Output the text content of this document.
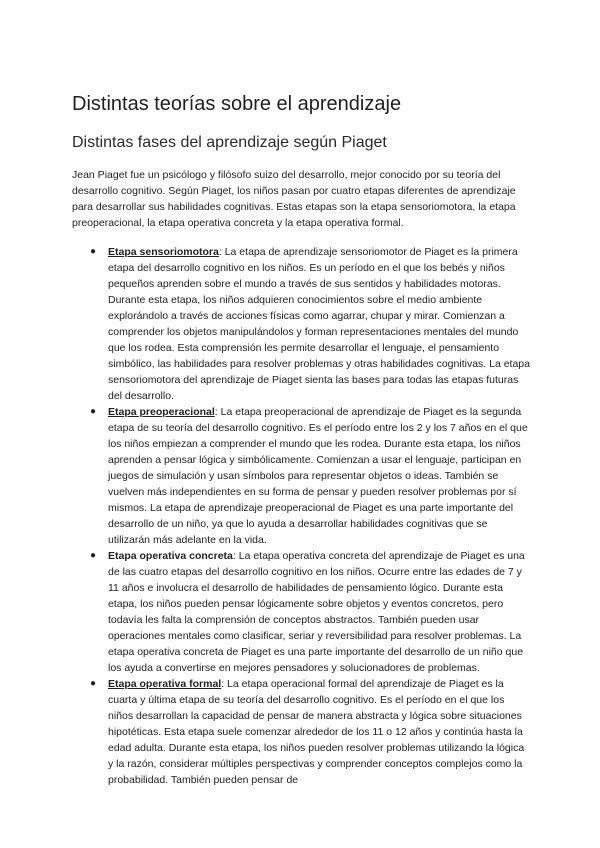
Distintas teorías sobre el aprendizaje
Distintas fases del aprendizaje según Piaget

Jean Piaget fue un psicólogo y filósofo suizo del desarrollo, mejor conocido por su teoría del desarrollo cognitivo. Según Piaget, los niños pasan por cuatro etapas diferentes de aprendizaje para desarrollar sus habilidades cognitivas. Estas etapas son la etapa sensoriomotora, la etapa preoperacional, la etapa operativa concreta y la etapa operativa formal.

● Etapa sensoriomotora: La etapa de aprendizaje sensoriomotor de Piaget es la primera etapa del desarrollo cognitivo en los niños. Es un período en el que los bebés y niños pequeños aprenden sobre el mundo a través de sus sentidos y habilidades motoras. Durante esta etapa, los niños adquieren conocimientos sobre el medio ambiente explorándolo a través de acciones físicas como agarrar, chupar y mirar. Comienzan a comprender los objetos manipulándolos y forman representaciones mentales del mundo que los rodea. Esta comprensión les permite desarrollar el lenguaje, el pensamiento simbólico, las habilidades para resolver problemas y otras habilidades cognitivas. La etapa sensoriomotora del aprendizaje de Piaget sienta las bases para todas las etapas futuras del desarrollo.
● Etapa preoperacional: La etapa preoperacional de aprendizaje de Piaget es la segunda etapa de su teoría del desarrollo cognitivo. Es el período entre los 2 y los 7 años en el que los niños empiezan a comprender el mundo que les rodea. Durante esta etapa, los niños aprenden a pensar lógica y simbólicamente. Comienzan a usar el lenguaje, participan en juegos de simulación y usan símbolos para representar objetos o ideas. También se vuelven más independientes en su forma de pensar y pueden resolver problemas por sí mismos. La etapa de aprendizaje preoperacional de Piaget es una parte importante del desarrollo de un niño, ya que lo ayuda a desarrollar habilidades cognitivas que se utilizarán más adelante en la vida.
● Etapa operativa concreta: La etapa operativa concreta del aprendizaje de Piaget es una de las cuatro etapas del desarrollo cognitivo en los niños. Ocurre entre las edades de 7 y 11 años e involucra el desarrollo de habilidades de pensamiento lógico. Durante esta etapa, los niños pueden pensar lógicamente sobre objetos y eventos concretos, pero todavía les falta la comprensión de conceptos abstractos. También pueden usar operaciones mentales como clasificar, seriar y reversibilidad para resolver problemas. La etapa operativa concreta de Piaget es una parte importante del desarrollo de un niño que los ayuda a convertirse en mejores pensadores y solucionadores de problemas.
● Etapa operativa formal: La etapa operacional formal del aprendizaje de Piaget es la cuarta y última etapa de su teoría del desarrollo cognitivo. Es el período en el que los niños desarrollan la capacidad de pensar de manera abstracta y lógica sobre situaciones hipotéticas. Esta etapa suele comenzar alrededor de los 11 o 12 años y continúa hasta la edad adulta. Durante esta etapa, los niños pueden resolver problemas utilizando la lógica y la razón, considerar múltiples perspectivas y comprender conceptos complejos como la probabilidad. También pueden pensar de
